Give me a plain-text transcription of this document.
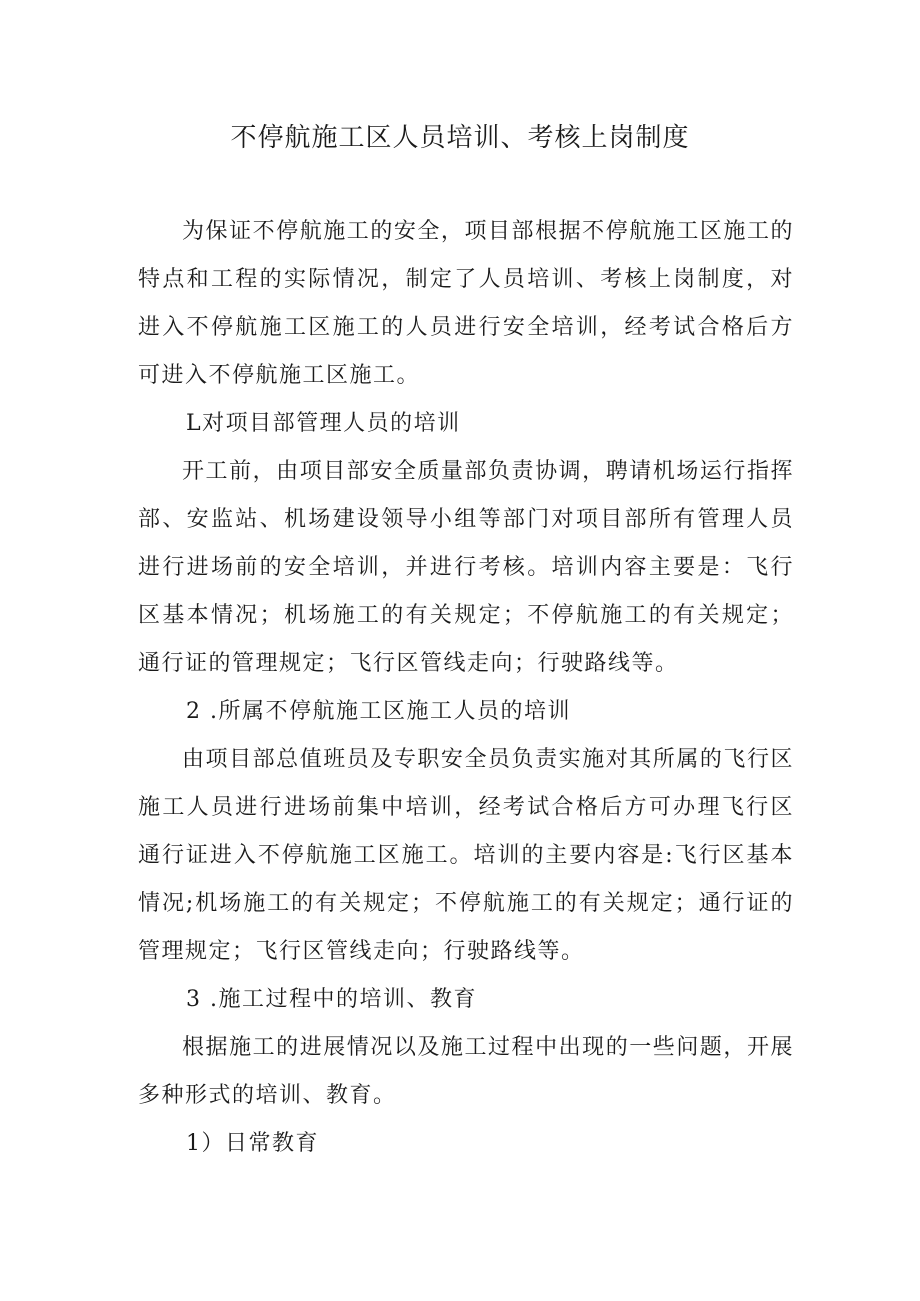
不停航施工区人员培训、考核上岗制度

为保证不停航施工的安全，项目部根据不停航施工区施工的特点和工程的实际情况，制定了人员培训、考核上岗制度，对进入不停航施工区施工的人员进行安全培训，经考试合格后方可进入不停航施工区施工。

L对项目部管理人员的培训

开工前，由项目部安全质量部负责协调，聘请机场运行指挥部、安监站、机场建设领导小组等部门对项目部所有管理人员进行进场前的安全培训，并进行考核。培训内容主要是：飞行区基本情况；机场施工的有关规定；不停航施工的有关规定；通行证的管理规定；飞行区管线走向；行驶路线等。

2 .所属不停航施工区施工人员的培训

由项目部总值班员及专职安全员负责实施对其所属的飞行区施工人员进行进场前集中培训，经考试合格后方可办理飞行区通行证进入不停航施工区施工。培训的主要内容是:飞行区基本情况;机场施工的有关规定；不停航施工的有关规定；通行证的管理规定；飞行区管线走向；行驶路线等。

3 .施工过程中的培训、教育

根据施工的进展情况以及施工过程中出现的一些问题，开展多种形式的培训、教育。

1）日常教育
